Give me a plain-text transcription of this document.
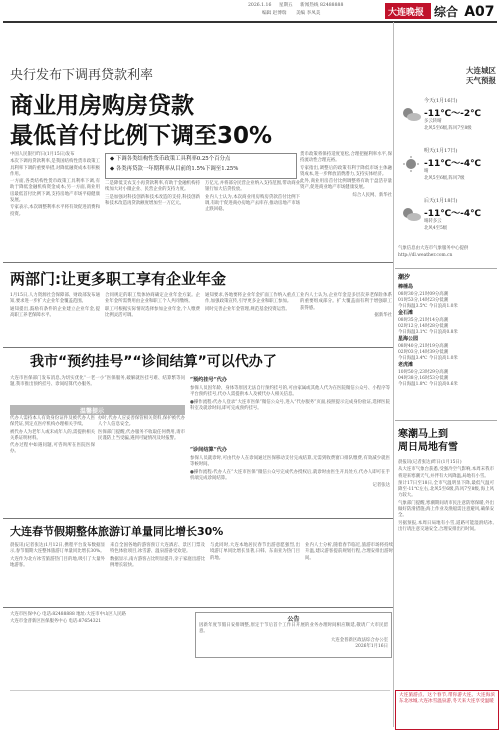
2026.1.16 星期五 新闻热线 82488888
编辑 赵博瑞 美编 李凤美	大连晚报 综合 A07
央行发布下调再贷款利率
商业用房购房贷款
最低首付比例下调至30%
◆ 下调各类结构性货币政策工具利率0.25个百分点
◆ 各类再贷款一年期利率从目前的1.5%下调至1.25%

中国人民银行昨日(1月15日)发布

本次下调再贷款利率,是我国结构性货币政策工具利率下调的重要举措,对降低融资成本有积极作用。

一方面,各类结构性货币政策工具利率下调,有助于降低金融机构资金成本;另一方面,商业用房最低首付比例下调,支持房地产市场平稳健康发展。

专家表示,本次调整利率水平将有效促进消费和投资。

二是降低支农支小再贷款利率,有助于金融机构持续加大对小微企业、民营企业的支持力度。

三是加强对科技创新和技术改造的支持,科技创新和技术改造再贷款额度增加至一万亿元。

万亿元,并将部分民营企业纳入支持范围,带动商业银行加大信贷投放。

业内人士认为,本次商业用房购房贷款首付比例下调,有助于促进商办房地产去库存,推动房地产市场止跌回稳。

货币政策将保持适度宽松,合理把握利率水平,保持流动性合理充裕。

专家指出,调整后的政策有利于降低市场主体融资成本,进一步释放消费潜力,支持实体经济。

此外,商业用房首付比例调整将有助于盘活存量资产,促进商业地产市场健康发展。

综合人民网、新华社

两部门:让更多职工享有企业年金

1月15日,人力资源社会保障部、财政部发布通知,要求进一步扩大企业年金覆盖范围。

通知提出,鼓励有条件的企业建立企业年金,提高职工养老保障水平。

合同规定的职工集体协商确定企业年金方案。企业年金所需费用由企业和职工个人共同缴纳。

职工可根据实际情况选择参加企业年金,个人缴费比例灵活可调。

通知要求,各地要将企业年金扩面工作纳入重点工作,加强政策宣传,引导更多企业和职工参加。

同时完善企业年金管理,规范基金投资运营。

业内人士认为,企业年金是多层次养老保险体系的重要组成部分。扩大覆盖面有利于增强职工获得感。

据新华社

我市“预约挂号”“诊间结算”可以代办了

大连市医保部门发布消息,为切实优化“一老一小”医保服务,破解就医挂号难、结算繁等问题,我市推出预约挂号、诊间结算代办服务。

温馨提示

代办人需持本人有效身份证件及被代办人医保凭证,到定点医疗机构办理相关手续。

被代办人为老年人或未成年人的,需提供相关关系证明材料。

代办过程中如遇问题,可咨询所在医院医保办。

办时,代办人应妥善保管相关资料,保护被代办人个人信息安全。

医保部门提醒,代办服务不收取任何费用,请市民谨防上当受骗,遇到可疑情况及时报警。

“预约挂号”代办

参保人员因年龄、身体等原因无法自行预约挂号的,可由家属或其他人代为在医院微信公众号、小程序等平台预约挂号,代办人需提供本人及被代办人相关信息。

●操作流程:代办人登录“大连市医保”微信公众号,进入“代办服务”页面,按照提示完成身份验证,选择医院科室及就诊时间,即可完成预约挂号。

“诊间结算”代办

参保人员就诊时,可由代办人在诊间通过医保移动支付完成结算,无需到收费窗口排队缴费,有效减少就医等候时间。

●操作流程:代办人在“大连市医保”微信公众号完成代办授权后,就诊时由医生开具处方,代办人即可在手机端完成诊间结算。

记者张达

大连春节假期整体旅游订单量同比增长30%

晨报讯(记者张达)1月12日,携程平台发布数据显示,春节假期大连整体旅游订单量同比增长30%。

大连作为北方冰雪旅游热门目的地,吸引了大量外地游客。

来自全国各地的游客预订大连酒店、景区门票及特色体验项目,冰雪游、温泉游备受欢迎。

数据显示,南方游客占比明显提升,亲子家庭出游比例增长较快。

与此同时,大连本地居民春节出游意愿强烈,出境游订单同比增长显著,日韩、东南亚为热门目的地。

业内人士分析,随着春节临近,旅游市场将持续升温,建议游客提前规划行程,合理安排出游时间。

大连市医保中心 电话:82488888 地址:大连市中山区人民路

大连市金普新区医保服务中心 电话:87654321	公告

因新年度节假日安排调整,原定于节后首个工作日开展的业务办理时间相应顺延,敬请广大市民留意。

大连金普新区政法综合办公室
2026年1月16日

大连旅游点、这个春节,带你游大连。大连海滨东北冰城,大连冰雪温泉游,冬天来大连享受温暖

大连城区
天气预报
今天(1月16日)
-11℃～-2℃
多云转晴
北风5至6级,阵风7至8级
明天(1月17日)
-11℃～-4℃
晴
北风5至6级,阵风7级
后天(1月18日)
-11℃～-4℃
晴转多云
北风4至5级

气象信息由大连市气象服务中心提供

http://dl.weather.com.cn

潮汐
棒棰岛
08时30分,21时09分高潮
01时53分,14时23分低潮
今日海温3.5℃ 今日浪高1.0米
金石滩
08时35分,21时14分高潮
02时12分,14时28分低潮
今日海温3.1℃ 今日浪高0.8米
星海公园
08时40分,21时19分高潮
02时03分,14时39分低潮
今日海温3.4℃ 今日浪高1.0米
老虎滩
10时50分,23时29分高潮
04时38分,16时53分低潮
今日海温1.8℃ 今日浪高0.6米
寒潮马上到
周日局地有雪

晨报讯(记者张达)昨日(1月15日)

从大连市气象台获悉,受强冷空气影响,本周末我市将迎来寒潮天气,并伴有大风降温,局地有小雪。

预计17日至18日,全市气温明显下降,最低气温可降至-11℃左右,北风5至6级,阵风7至8级,海上风力较大。

气象部门提醒,寒潮期间请市民注意防寒保暖,外出做好防滑措施;海上作业及渔船需注意避风,确保安全。

另据预报,本周日局地有小雪,道路可能湿滑结冰,出行请注意交通安全,合理安排出行时间。
